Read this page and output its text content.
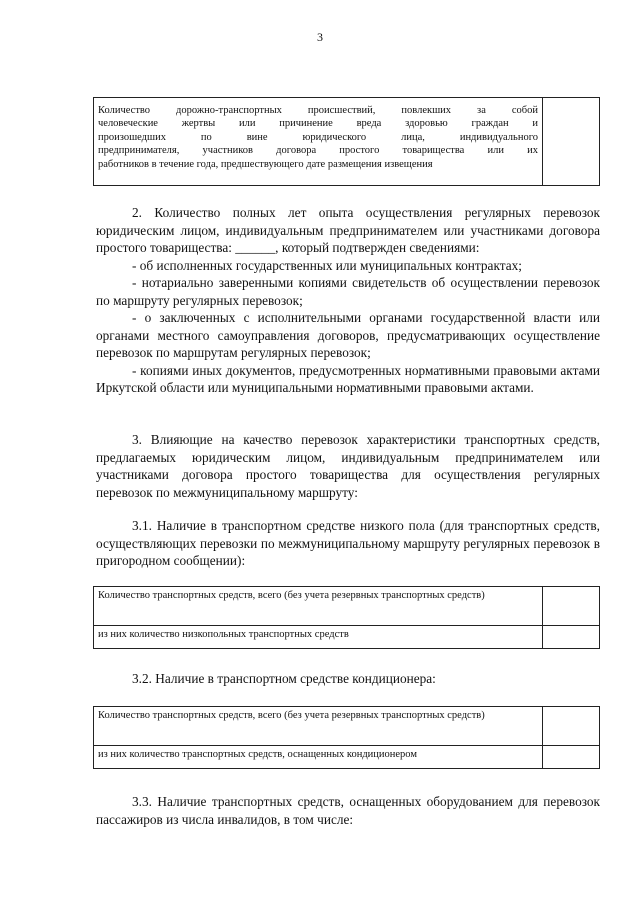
3
Количество дорожно-транспортных происшествий, повлекших за собой
человеческие жертвы или причинение вреда здоровью граждан и
произошедших по вине юридического лица, индивидуального
предпринимателя, участников договора простого товарищества или их
работников в течение года, предшествующего дате размещения извещения

2. Количество полных лет опыта осуществления регулярных перевозок юридическим лицом, индивидуальным предпринимателем или участниками договора простого товарищества: ______, который подтвержден сведениями:

- об исполненных государственных или муниципальных контрактах;

- нотариально заверенными копиями свидетельств об осуществлении перевозок по маршруту регулярных перевозок;

- о заключенных с исполнительными органами государственной власти или органами местного самоуправления договоров, предусматривающих осуществление перевозок по маршрутам регулярных перевозок;

- копиями иных документов, предусмотренных нормативными правовыми актами Иркутской области или муниципальными нормативными правовыми актами.

3. Влияющие на качество перевозок характеристики транспортных средств, предлагаемых юридическим лицом, индивидуальным предпринимателем или участниками договора простого товарищества для осуществления регулярных перевозок по межмуниципальному маршруту:

3.1. Наличие в транспортном средстве низкого пола (для транспортных средств, осуществляющих перевозки по межмуниципальному маршруту регулярных перевозок в пригородном сообщении):

Количество транспортных средств, всего (без учета резервных транспортных средств)	
из них количество низкопольных транспортных средств	

3.2. Наличие в транспортном средстве кондиционера:

Количество транспортных средств, всего (без учета резервных транспортных средств)	
из них количество транспортных средств, оснащенных кондиционером	

3.3. Наличие транспортных средств, оснащенных оборудованием для перевозок пассажиров из числа инвалидов, в том числе:
